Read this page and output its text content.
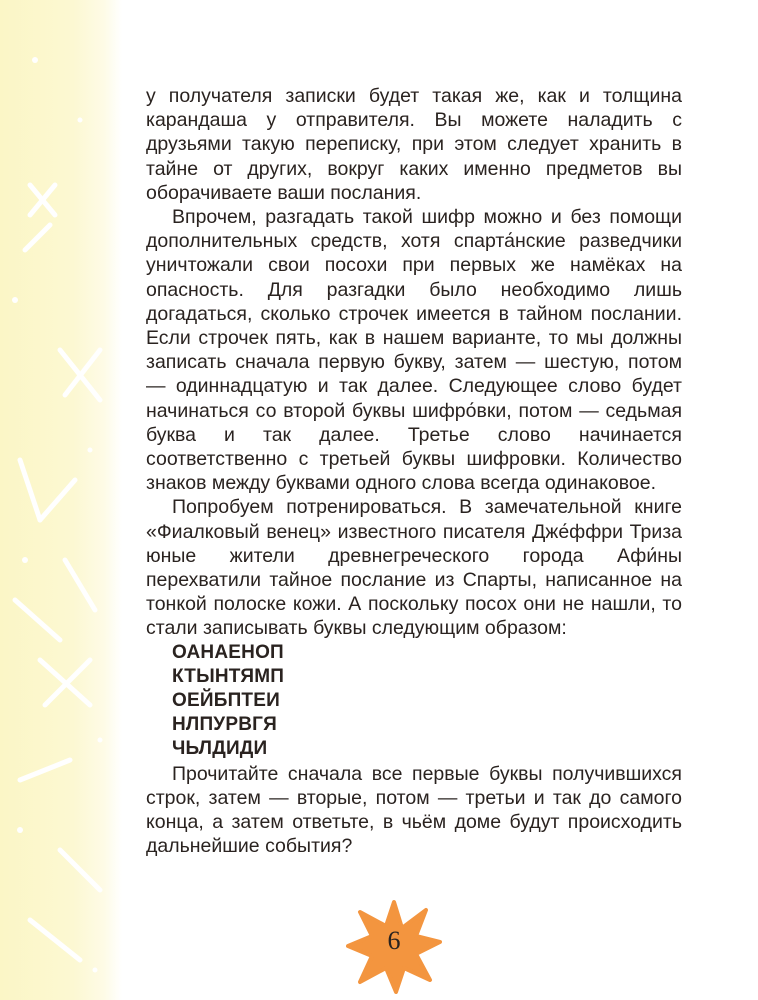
у получателя записки будет такая же, как и толщина карандаша у отправителя. Вы можете наладить с друзьями такую переписку, при этом следует хранить в тайне от других, вокруг каких именно предметов вы оборачиваете ваши послания.

Впрочем, разгадать такой шифр можно и без помощи дополнительных средств, хотя спарта́нские разведчики уничтожали свои посохи при первых же намёках на опасность. Для разгадки было необходимо лишь догадаться, сколько строчек имеется в тайном послании. Если строчек пять, как в нашем варианте, то мы должны записать сначала первую букву, затем — шестую, потом — одиннадцатую и так далее. Следующее слово будет начинаться со второй буквы шифро́вки, потом — седьмая буква и так далее. Третье слово начинается соответственно с третьей буквы шифровки. Количество знаков между буквами одного слова всегда одинаковое.

Попробуем потренироваться. В замечательной книге «Фиалковый венец» известного писателя Дже́ффри Триза юные жители древнегреческого города Афи́ны перехватили тайное послание из Спарты, написанное на тонкой полоске кожи. А поскольку посох они не нашли, то стали записывать буквы следующим образом:

ОАНАЕНОП
КТЫНТЯМП
ОЕЙБПТЕИ
НЛПУРВГЯ
ЧЬЛДИДИ

Прочитайте сначала все первые буквы получившихся строк, затем — вторые, потом — третьи и так до самого конца, а затем ответьте, в чьём доме будут происходить дальнейшие события?

6
